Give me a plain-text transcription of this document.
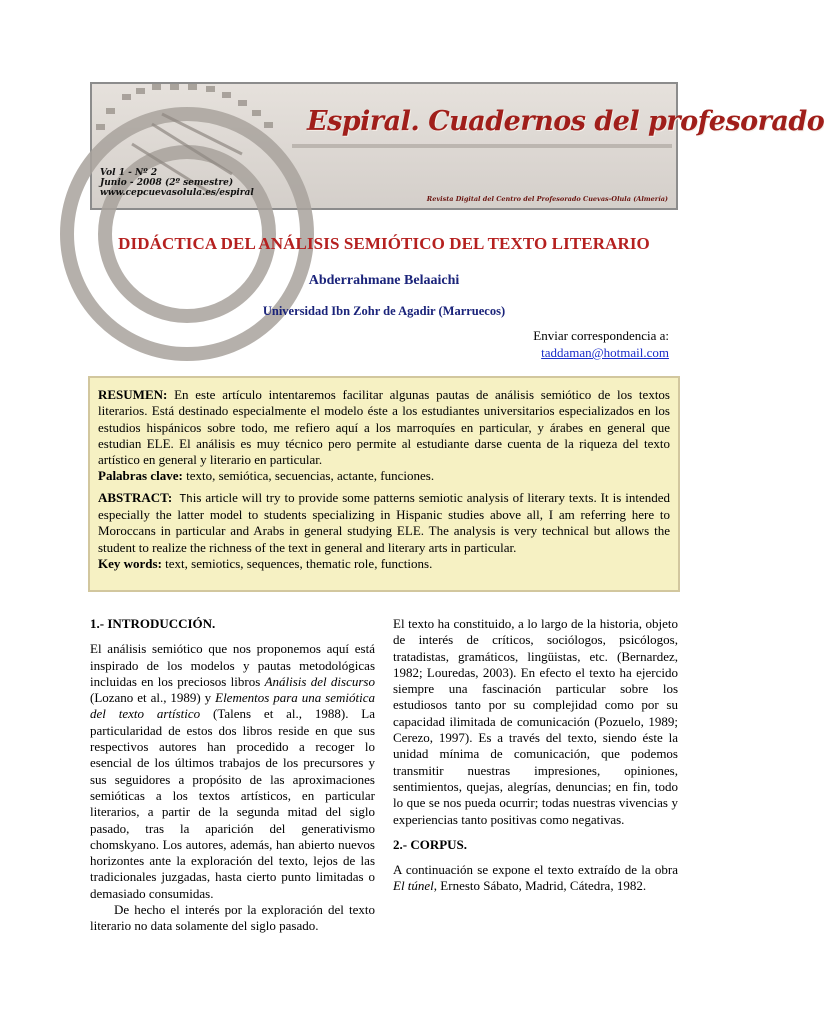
Espiral. Cuadernos del profesorado
Vol 1 - Nº 2
Junio - 2008 (2º semestre)
www.cepcuevasolula.es/espiral
Revista Digital del Centro del Profesorado Cuevas-Olula (Almería)
DIDÁCTICA DEL ANÁLISIS SEMIÓTICO DEL TEXTO LITERARIO
Abderrahmane Belaaichi
Universidad Ibn Zohr de Agadir (Marruecos)
Enviar correspondencia a:
taddaman@hotmail.com

RESUMEN: En este artículo intentaremos facilitar algunas pautas de análisis semiótico de los textos literarios. Está destinado especialmente el modelo éste a los estudiantes universitarios especializados en los estudios hispánicos sobre todo, me refiero aquí a los marroquíes en particular, y árabes en general que estudian ELE. El análisis es muy técnico pero permite al estudiante darse cuenta de la riqueza del texto artístico en general y literario en particular.

Palabras clave: texto, semiótica, secuencias, actante, funciones.

ABSTRACT: This article will try to provide some patterns semiotic analysis of literary texts. It is intended especially the latter model to students specializing in Hispanic studies above all, I am referring here to Moroccans in particular and Arabs in general studying ELE. The analysis is very technical but allows the student to realize the richness of the text in general and literary arts in particular.

Key words: text, semiotics, sequences, thematic role, functions.

1.- INTRODUCCIÓN.

El análisis semiótico que nos proponemos aquí está inspirado de los modelos y pautas metodológicas incluidas en los preciosos libros Análisis del discurso (Lozano et al., 1989) y Elementos para una semiótica del texto artístico (Talens et al., 1988). La particularidad de estos dos libros reside en que sus respectivos autores han procedido a recoger lo esencial de los últimos trabajos de los precursores y sus seguidores a propósito de las aproximaciones semióticas a los textos artísticos, en particular literarios, a partir de la segunda mitad del siglo pasado, tras la aparición del generativismo chomskyano. Los autores, además, han abierto nuevos horizontes ante la exploración del texto, lejos de las tradicionales juzgadas, hasta cierto punto limitadas o demasiado consumidas.

De hecho el interés por la exploración del texto literario no data solamente del siglo pasado.

El texto ha constituido, a lo largo de la historia, objeto de interés de críticos, sociólogos, psicólogos, tratadistas, gramáticos, lingüistas, etc. (Bernardez, 1982; Louredas, 2003). En efecto el texto ha ejercido siempre una fascinación particular sobre los estudiosos tanto por su complejidad como por su capacidad ilimitada de comunicación (Pozuelo, 1989; Cerezo, 1997). Es a través del texto, siendo éste la unidad mínima de comunicación, que podemos transmitir nuestras impresiones, opiniones, sentimientos, quejas, alegrías, denuncias; en fin, todo lo que se nos pueda ocurrir; todas nuestras vivencias y experiencias tanto positivas como negativas.

2.- CORPUS.

A continuación se expone el texto extraído de la obra El túnel, Ernesto Sábato, Madrid, Cátedra, 1982.
